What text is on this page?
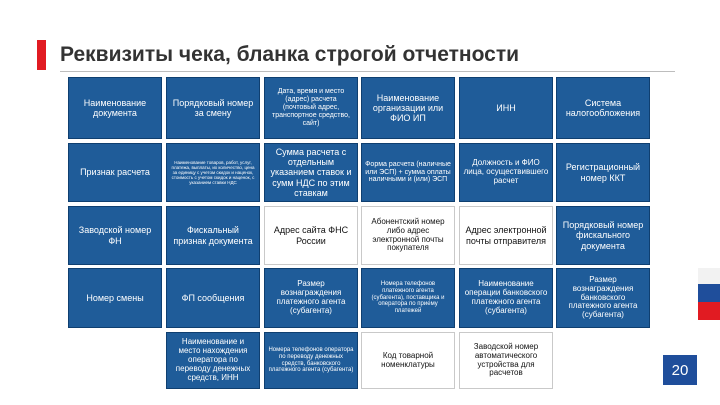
Реквизиты чека, бланка строгой отчетности
Наименование документа
Порядковый номер за смену
Дата, время и место (адрес) расчета (почтовый адрес, транспортное средство, сайт)
Наименование организации или ФИО ИП
ИНН
Система налогообложения
Признак расчета
Наименование товаров, работ, услуг, платежа, выплаты, их количество, цена за единицу с учетом скидок и наценок, стоимость с учетом скидок и наценок, с указанием ставки НДС
Сумма расчета с отдельным указанием ставок и сумм НДС по этим ставкам
Форма расчета (наличные или ЭСП) + сумма оплаты наличными и (или) ЭСП
Должность и ФИО лица, осуществившего расчет
Регистрационный номер ККТ
Заводской номер ФН
Фискальный признак документа
Адрес сайта ФНС России
Абонентский номер либо адрес электронной почты покупателя
Адрес электронной почты отправителя
Порядковый номер фискального документа
Номер смены	ФП сообщения
Размер вознаграждения платежного агента (субагента)
Номера телефонов платежного агента (субагента), поставщика и оператора по приему платежей
Наименование операции банковского платежного агента (субагента)
Размер вознаграждения банковского платежного агента (субагента)
Наименование и место нахождения оператора по переводу денежных средств, ИНН
Номера телефонов оператора по переводу денежных средств, банковского платежного агента (субагента)
Код товарной номенклатуры
Заводской номер автоматического устройства для расчетов	20
